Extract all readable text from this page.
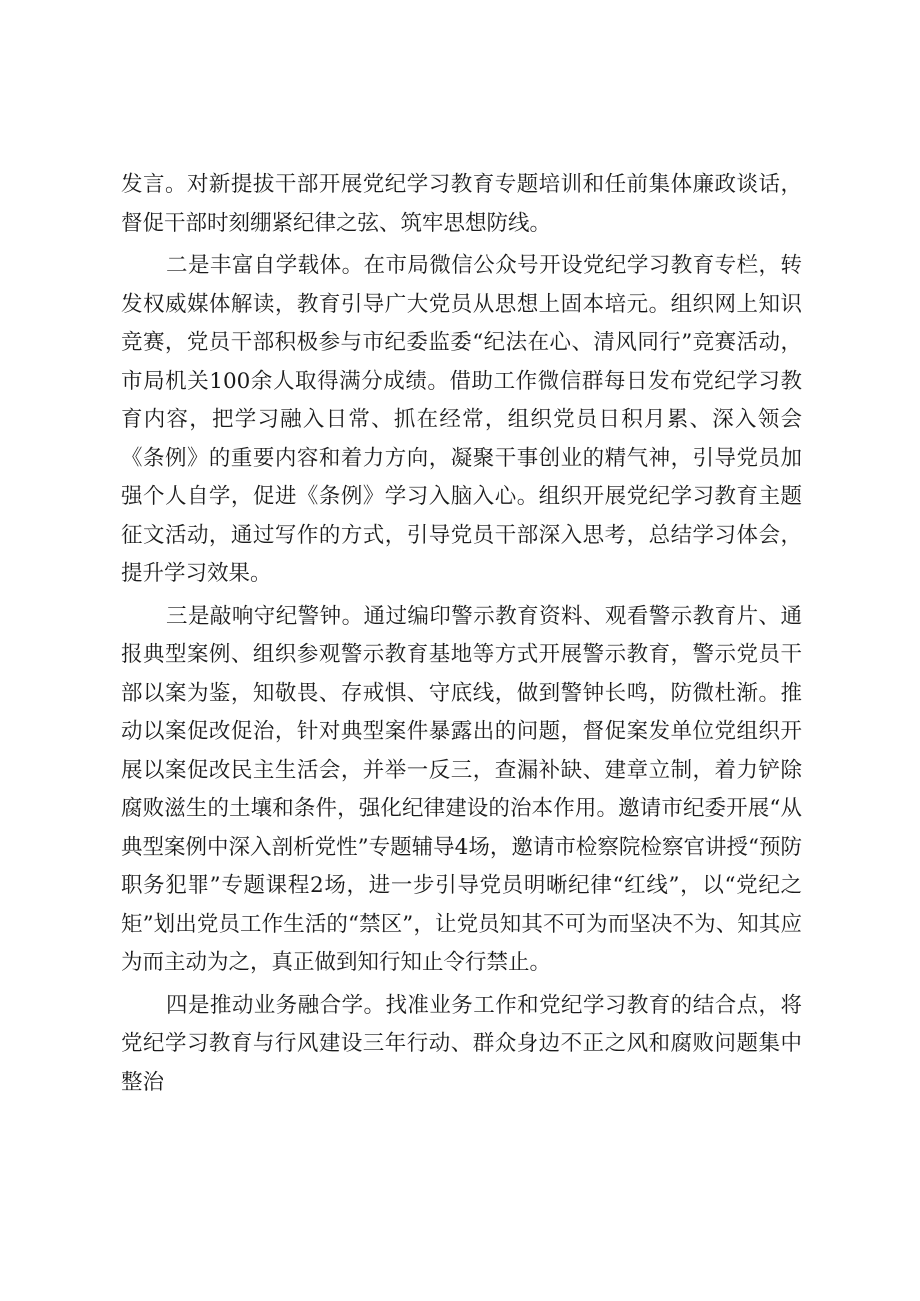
发言。对新提拔干部开展党纪学习教育专题培训和任前集体廉政谈话，督促干部时刻绷紧纪律之弦、筑牢思想防线。

二是丰富自学载体。在市局微信公众号开设党纪学习教育专栏，转发权威媒体解读，教育引导广大党员从思想上固本培元。组织网上知识竞赛，党员干部积极参与市纪委监委“纪法在心、清风同行”竞赛活动，市局机关100余人取得满分成绩。借助工作微信群每日发布党纪学习教育内容，把学习融入日常、抓在经常，组织党员日积月累、深入领会《条例》的重要内容和着力方向，凝聚干事创业的精气神，引导党员加强个人自学，促进《条例》学习入脑入心。组织开展党纪学习教育主题征文活动，通过写作的方式，引导党员干部深入思考，总结学习体会，提升学习效果。

三是敲响守纪警钟。通过编印警示教育资料、观看警示教育片、通报典型案例、组织参观警示教育基地等方式开展警示教育，警示党员干部以案为鉴，知敬畏、存戒惧、守底线，做到警钟长鸣，防微杜渐。推动以案促改促治，针对典型案件暴露出的问题，督促案发单位党组织开展以案促改民主生活会，并举一反三，查漏补缺、建章立制，着力铲除腐败滋生的土壤和条件，强化纪律建设的治本作用。邀请市纪委开展“从典型案例中深入剖析党性”专题辅导4场，邀请市检察院检察官讲授“预防职务犯罪”专题课程2场，进一步引导党员明晰纪律“红线”，以“党纪之矩”划出党员工作生活的“禁区”，让党员知其不可为而坚决不为、知其应为而主动为之，真正做到知行知止令行禁止。

四是推动业务融合学。找准业务工作和党纪学习教育的结合点，将党纪学习教育与行风建设三年行动、群众身边不正之风和腐败问题集中整治
